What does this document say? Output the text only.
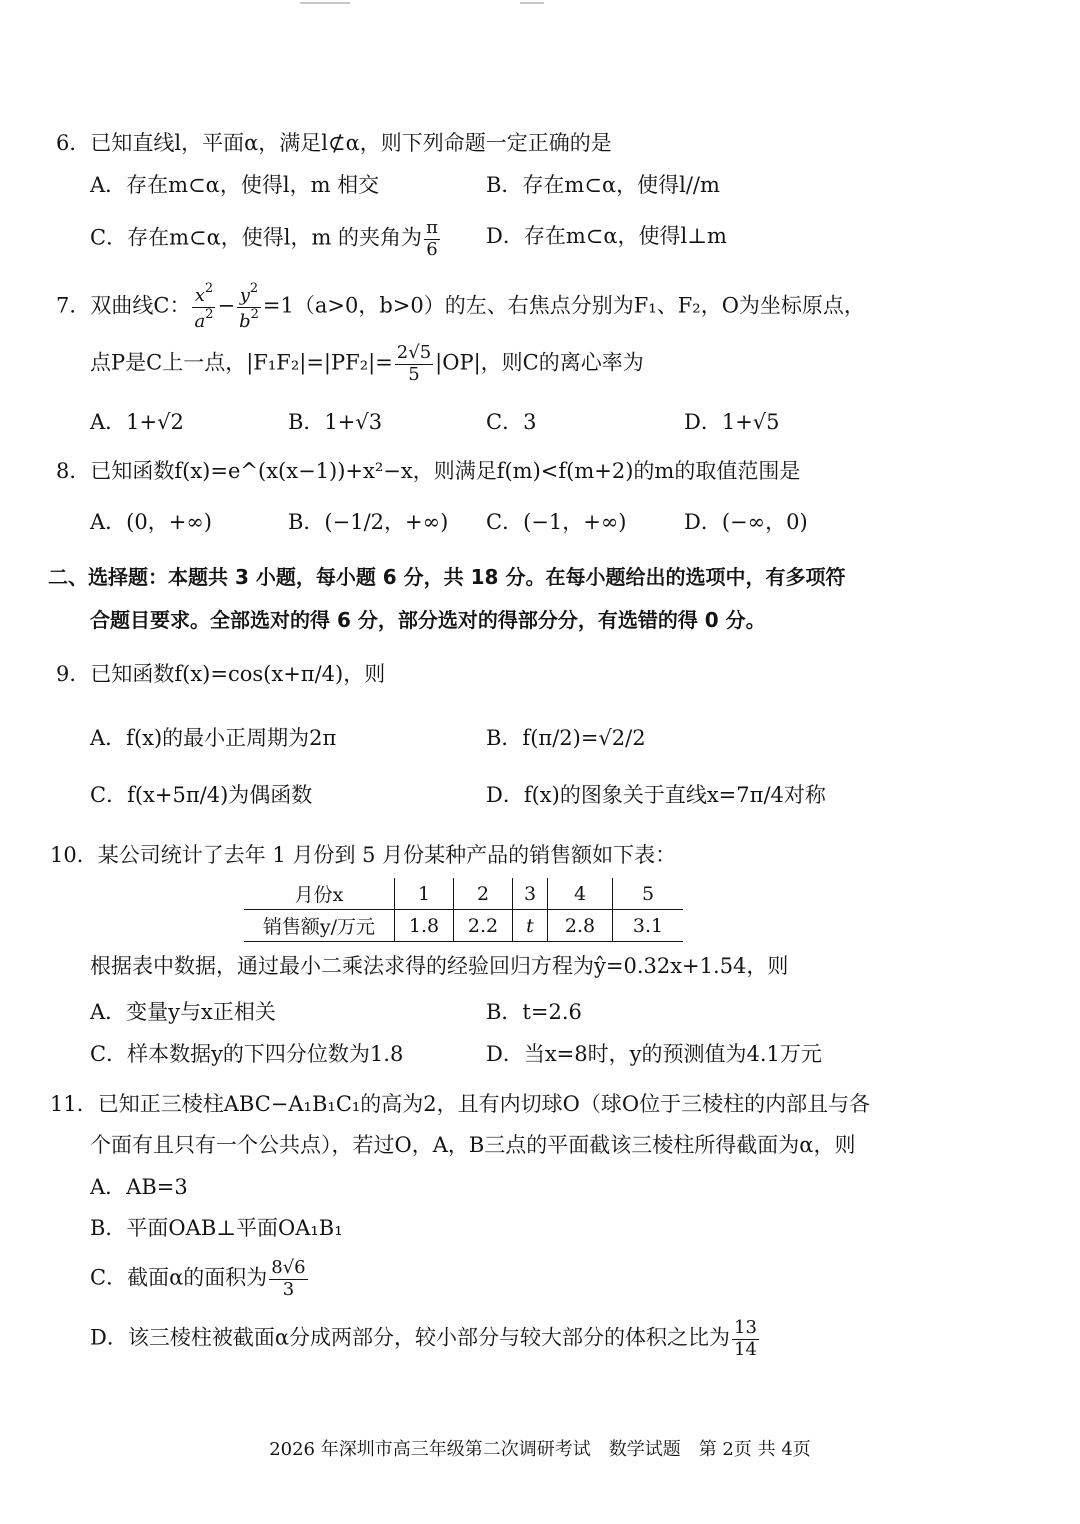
6．已知直线l，平面α，满足l⊄α，则下列命题一定正确的是
A．存在m⊂α，使得l，m 相交	B．存在m⊂α，使得l//m
C．存在m⊂α，使得l，m 的夹角为 $\frac{\pi}{6}$ D．存在m⊂α，使得l⊥m
7．双曲线C： $\frac{x^2}{a^2} - \frac{y^2}{b^2} =1(a>0$，b>0）的左、右焦点分别为F₁、F₂，O为坐标原点，
点P是C上一点，$|F_1F_2|=|PF_2|= \frac{2√5}{5} |OP|$，则C的离心率为
A．1+√2	B．1+√3	C．3	D．1+√5
8．已知函数f(x)=e^(x(x−1))+x²−x，则满足f(m)<f(m+2)的m的取值范围是
A．(0，+∞)	B．(−1/2，+∞) C．(−1，+∞)	D．(−∞，0)
二、选择题：本题共 3 小题，每小题 6 分，共 18 分。在每小题给出的选项中，有多项符
合题目要求。全部选对的得 6 分，部分选对的得部分分，有选错的得 0 分。
9．已知函数f(x)=cos(x+π/4)，则
A．f(x)的最小正周期为2π	B．f(π/2)=√2/2
C．f(x+5π/4)为偶函数	D．f(x)的图象关于直线x=7π/4对称
10．某公司统计了去年 1 月份到 5 月份某种产品的销售额如下表：
月份x	1	2	3	4	5
销售额y/万元	1.8	2.2	t	2.8	3.1
根据表中数据，通过最小二乘法求得的经验回归方程为ŷ=0.32x+1.54，则
A．变量y与x正相关	B．t=2.6
C．样本数据y的下四分位数为1.8	D．当x=8时，y的预测值为4.1万元
11．已知正三棱柱ABC−A₁B₁C₁的高为2，且有内切球O（球O位于三棱柱的内部且与各
个面有且只有一个公共点），若过O，A，B三点的平面截该三棱柱所得截面为α，则
A．AB=3
B．平面OAB⊥平面OA₁B₁
C．截面α的面积为 $\frac{8√6}{3}$
D．该三棱柱被截面α分成两部分，较小部分与较大部分的体积之比为 $\frac{13}{14}$
2026 年深圳市高三年级第二次调研考试　数学试题　第 2页 共 4页
